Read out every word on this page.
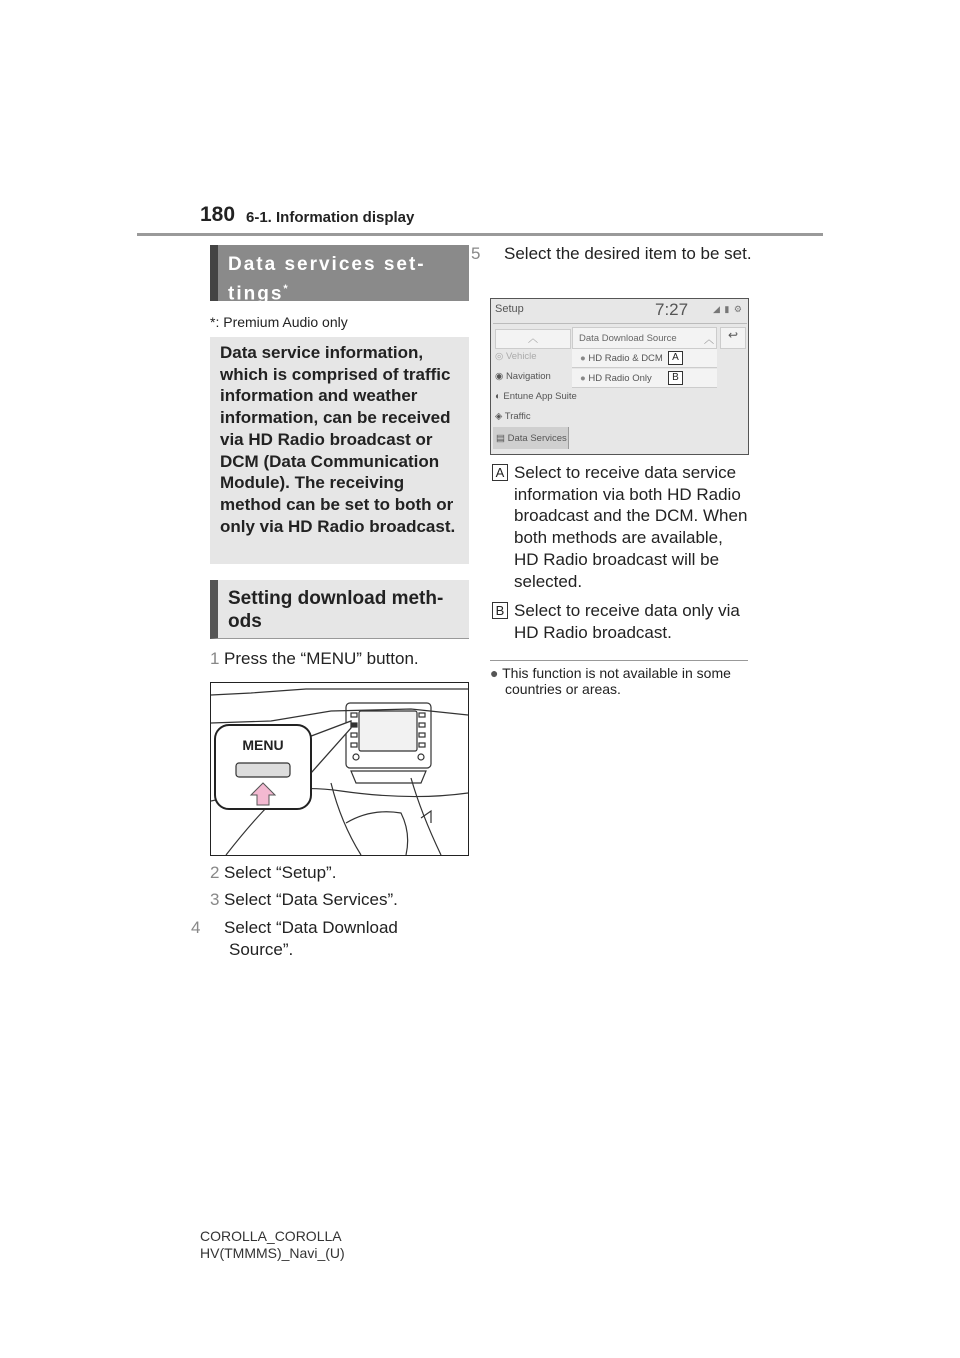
180 6-1. Information display
Data services set-tings*
*: Premium Audio only

Data service information, which is comprised of traffic information and weather information, can be received via HD Radio broadcast or DCM (Data Communication Module). The receiving method can be set to both or only via HD Radio broadcast.

Setting download meth-ods
1 Press the “MENU” button.
MENU
2 Select “Setup”.
3 Select “Data Services”.
4 Select “Data Download Source”.
5 Select the desired item to be set.
Setup	7:27	◢ ▮ ⚙
︿
◎ Vehicle
◉ Navigation
◐ Entune App Suite
◈ Traffic
▤ Data Services
Data Download Source	︿	↩
● HD Radio & DCM
● HD Radio Only
A
B
A Select to receive data service information via both HD Radio broadcast and the DCM. When both methods are available, HD Radio broadcast will be selected.
B Select to receive data only via HD Radio broadcast.
● This function is not available in some countries or areas.
COROLLA_COROLLA
HV(TMMMS)_Navi_(U)
